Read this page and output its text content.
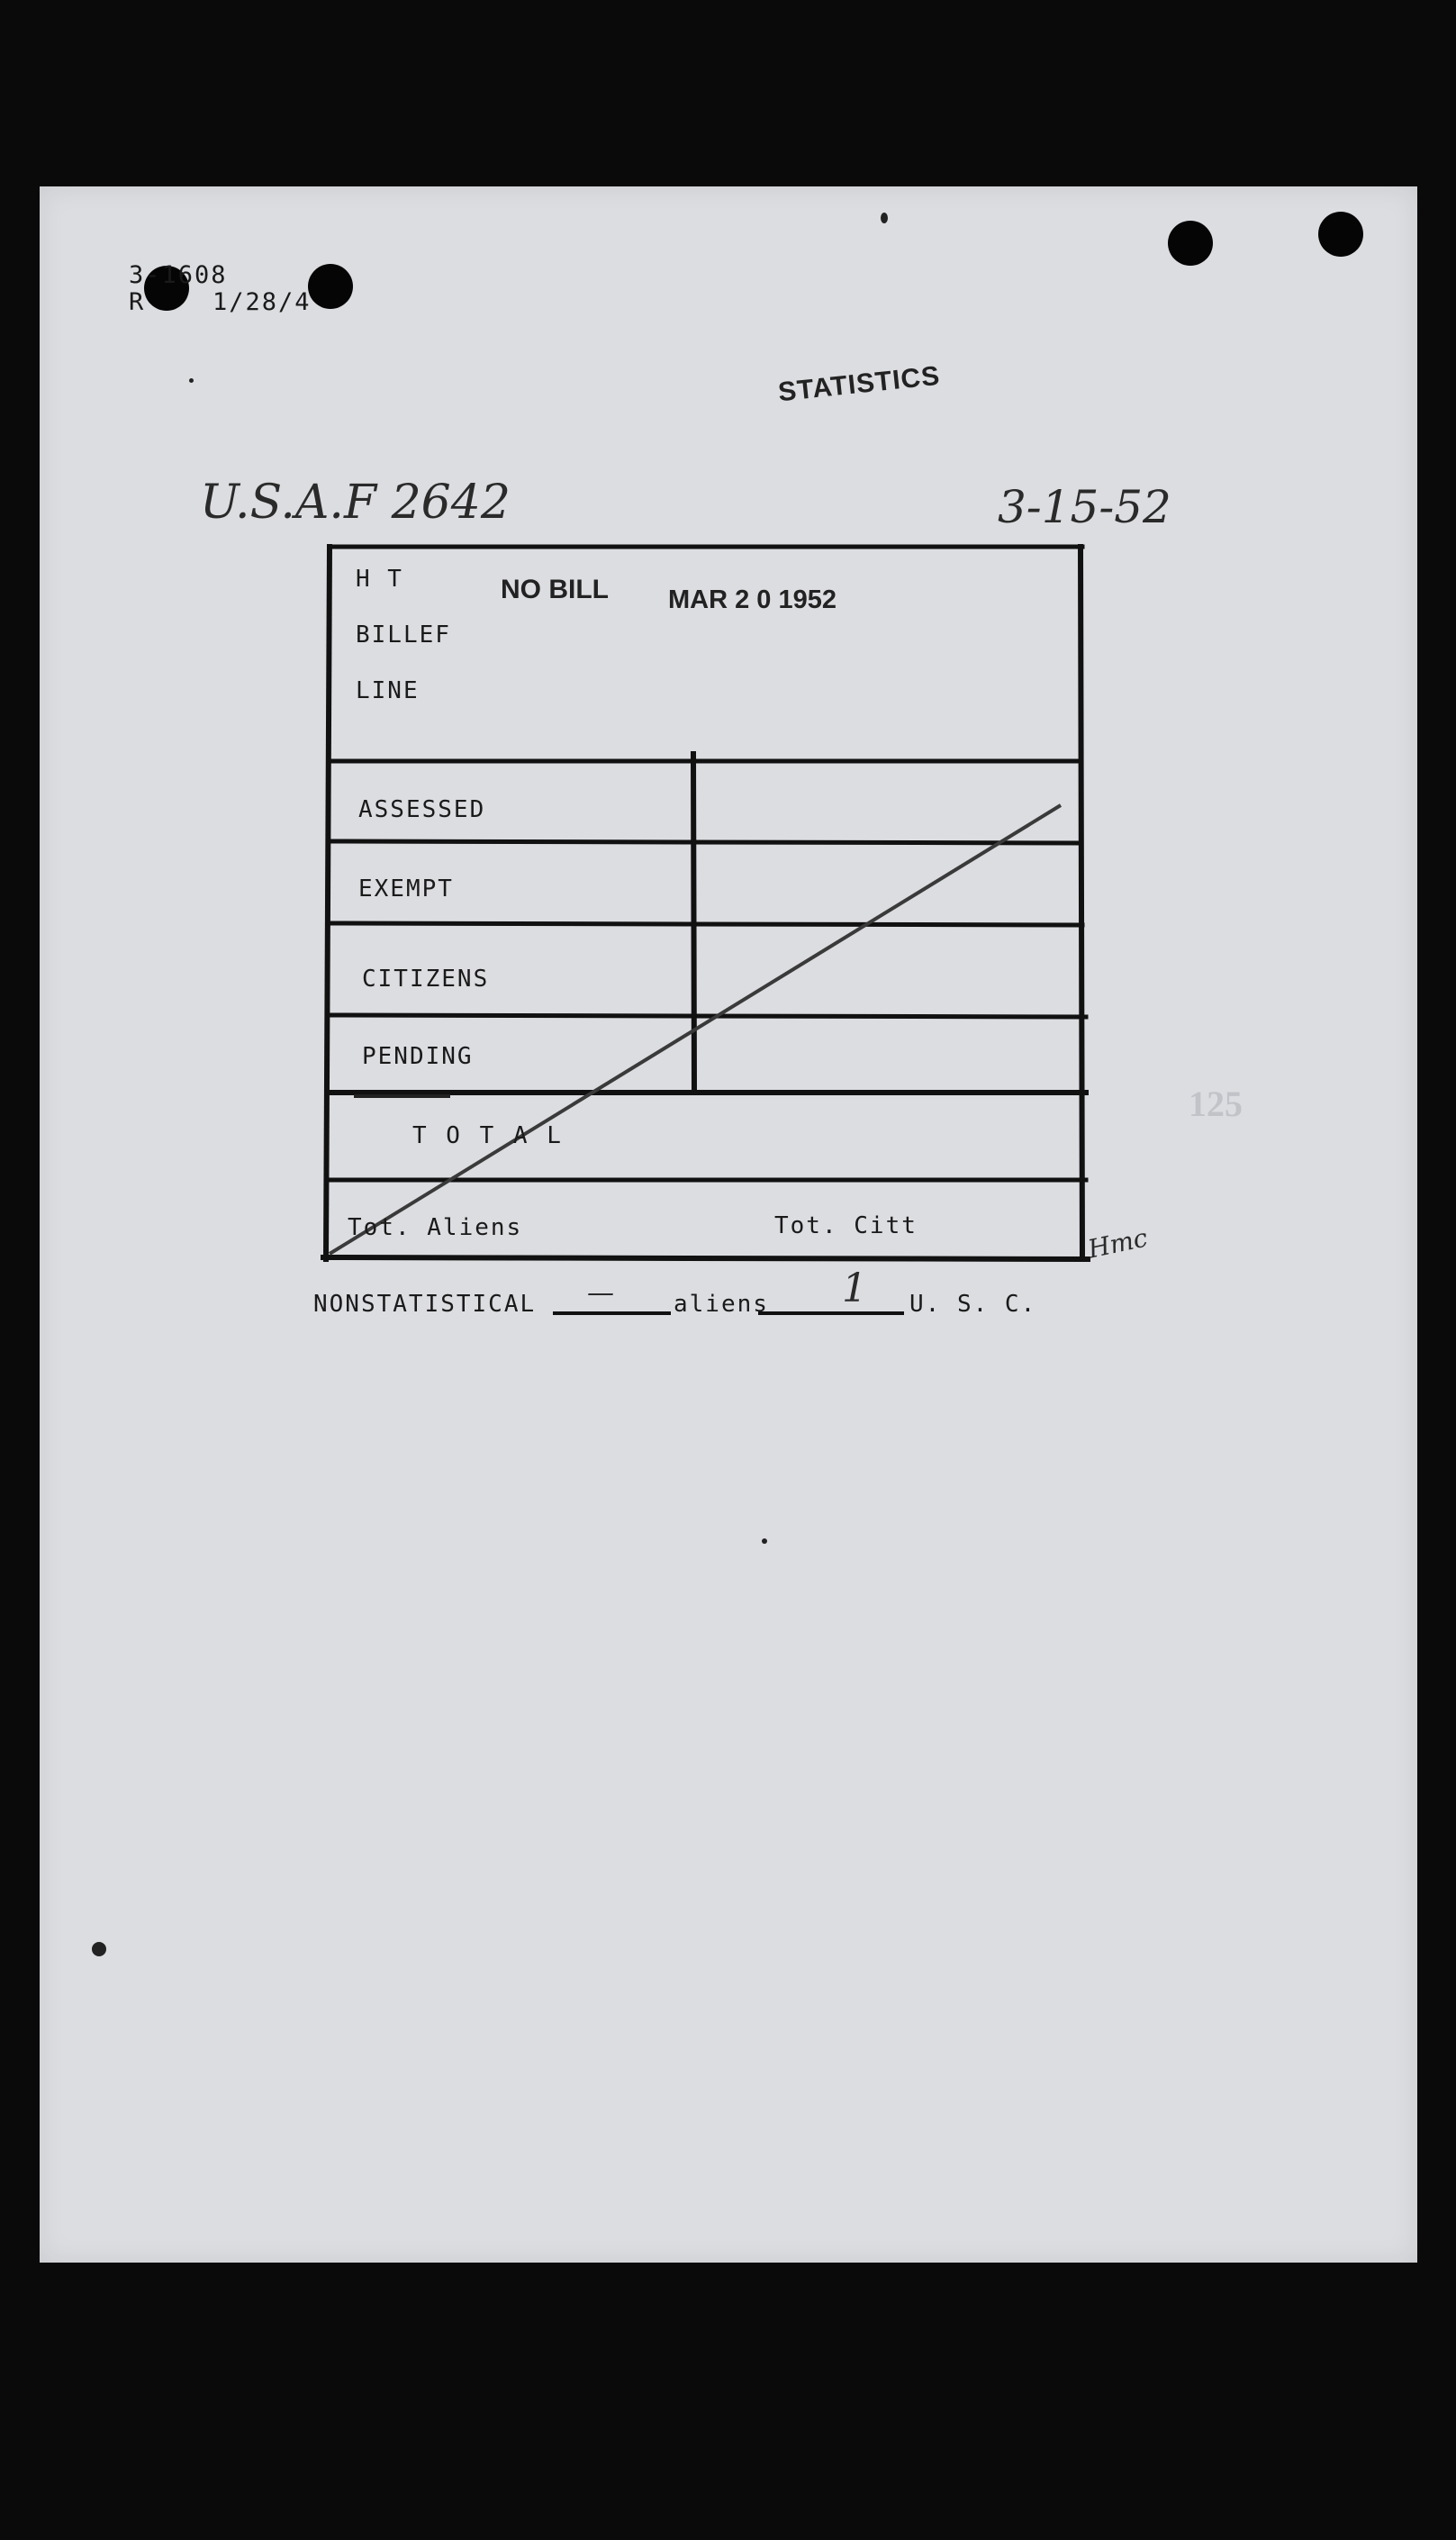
3-1608
R	1/28/4
STATISTICS
U.S.A.F 2642	3-15-52
H T
BILLEF
LINE
NO BILL MAR 2 0 1952
ASSESSED
EXEMPT
CITIZENS
PENDING
T O T A L
Tot. Aliens	Tot. Citt
NONSTATISTICAL —	aliens 1 U. S. C.
Hmc
125
